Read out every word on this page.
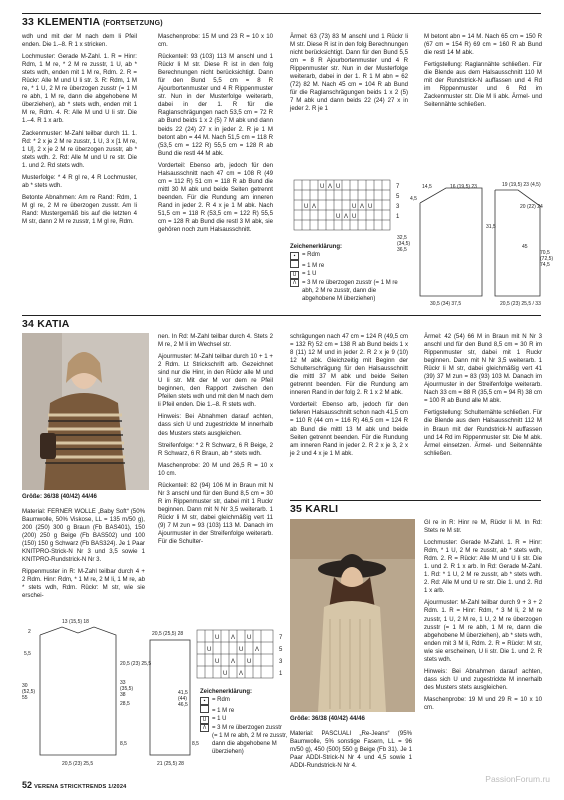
33 KLEMENTIA (FORTSETZUNG)

wdh und mit der M nach dem li Pfeil enden. Die 1.–8. R 1 x stricken.

Lochmuster: Gerade M-Zahl. 1. R = Hinr: Rdm, 1 M re, * 2 M re zusstr, 1 U, ab * stets wdh, enden mit 1 M re, Rdm. 2. R = Rückr: Alle M und U li str. 3. R: Rdm, 1 M re, * 1 U, 2 M re überzogen zusstr (= 1 M re abh, 1 M re, dann die abgehobene M überziehen), ab * stets wdh, enden mit 1 M re, Rdm. 4. R: Alle M und U li str. Die 1.–4. R 1 x arb.

Zackenmuster: M-Zahl teilbar durch 11. 1. Rd: * 2 x je 2 M re zusstr, 1 U, 3 x [1 M re, 1 U], 2 x je 2 M re überzogen zusstr, ab * stets wdh. 2. Rd: Alle M und U re str. Die 1. und 2. Rd stets wdh.

Musterfolge: * 4 R gl re, 4 R Lochmuster, ab * stets wdh.

Betonte Abnahmen: Am re Rand: Rdm, 1 M gl re, 2 M re überzogen zusstr. Am li Rand: Mustergemäß bis auf die letzten 4 M str, dann 2 M re zusstr, 1 M gl re, Rdm.

Maschenprobe: 15 M und 23 R = 10 x 10 cm.

Rückenteil: 93 (103) 113 M anschl und 1 Rückr li M str. Diese R ist in den folg Berechnungen nicht berücksichtigt. Dann für den Bund 5,5 cm = 8 R Ajourbortenmuster und 4 R Rippenmuster str. Nun in der Musterfolge weiterarb, dabei in der 1. R für die Raglanschrägungen nach 53,5 cm = 72 R ab Bund beids 1 x 2 (5) 7 M abk und dann beids 22 (24) 27 x in jeder 2. R je 1 M betont abn = 44 M. Nach 51,5 cm = 118 R (53,5 cm = 122 R) 55,5 cm = 128 R ab Bund die restl 44 M abk.

Vorderteil: Ebenso arb, jedoch für den Halsausschnitt nach 47 cm = 108 R (49 cm = 112 R) 51 cm = 118 R ab Bund die mittl 30 M abk und beide Seiten getrennt beenden. Für die Rundung am inneren Rand in jeder 2. R 4 x je 1 M abk. Nach 51,5 cm = 118 R (53,5 cm = 122 R) 55,5 cm = 128 R ab Bund die restl 3 M abk, sie gehören noch zum Halsausschnitt.

Ärmel: 63 (73) 83 M anschl und 1 Rückr li M str. Diese R ist in den folg Berechnungen nicht berücksichtigt. Dann für den Bund 5,5 cm = 8 R Ajourbortenmuster und 4 R Rippenmuster str. Nun in der Musterfolge weiterarb, dabei in der 1. R 1 M abn = 62 (72) 82 M. Nach 45 cm = 104 R ab Bund für die Raglanschrägungen beids 1 x 2 (5) 7 M abk und dann beids 22 (24) 27 x in jeder 2. R je 1

M betont abn = 14 M. Nach 65 cm = 150 R (67 cm = 154 R) 69 cm = 160 R ab Bund die restl 14 M abk.

Fertigstellung: Raglannähte schließen. Für die Blende aus dem Halsausschnitt 110 M mit der Rundstrick-N auffassen und 4 Rd im Rippenmuster und 6 Rd im Zackenmuster str. Die M li abk. Ärmel- und Seitennähte schließen.

7
5
3
1
U Λ U
U Λ	U Λ U
U Λ U
Zeichenerklärung:
▪ = Rdm
= 1 M re
U = 1 U
Λ = 3 M re überzogen zusstr (= 1 M re abh, 2 M re zusstr, dann die abgehobene M überziehen)
16 (19,5) 23
14,5
31,5
30,5 (34) 37,5
19 (19,5) 23 (4,5)
20 (22) 24
45
20,5 (23) 25,5 / 33
4,5
32,5 (34,5) 36,5	70,5 (72,5) 74,5
34 KATIA
Größe: 36/38 (40/42) 44/46

Material: FERNER WOLLE „Baby Soft“ (50% Baumwolle, 50% Viskose, LL = 135 m/50 g), 200 (250) 300 g Braun (Fb BAS401), 150 (200) 250 g Beige (Fb BAS502) und 100 (150) 150 g Schwarz (Fb BAS324). Je 1 Paar KNITPRO-Strick-N Nr 3 und 3,5 sowie 1 KNITPRO-Rundstrick-N Nr 3.

Rippenmuster in R: M-Zahl teilbar durch 4 + 2 Rdm. Hinr: Rdm, * 1 M re, 2 M li, 1 M re, ab * stets wdh, Rdm. Rückr: M str, wie sie erschei-

nen. In Rd: M-Zahl teilbar durch 4. Stets 2 M re, 2 M li im Wechsel str.

Ajourmuster: M-Zahl teilbar durch 10 + 1 + 2 Rdm. Lt Strickschrift arb. Gezeichnet sind nur die Hinr, in den Rückr alle M und U li str. Mit der M vor dem re Pfeil beginnen, den Rapport zwischen den Pfeilen stets wdh und mit den M nach dem li Pfeil enden. Die 1.–8. R stets wdh.

Hinweis: Bei Abnahmen darauf achten, dass sich U und zugestrickte M innerhalb des Musters stets ausgleichen.

Streifenfolge: * 2 R Schwarz, 6 R Beige, 2 R Schwarz, 6 R Braun, ab * stets wdh.

Maschenprobe: 20 M und 26,5 R = 10 x 10 cm.

Rückenteil: 82 (94) 106 M in Braun mit N Nr 3 anschl und für den Bund 8,5 cm = 30 R im Rippenmuster str, dabei mit 1 Ruckr beginnen. Dann mit N Nr 3,5 weiterarb. 1 Rückr li M str, dabei gleichmäßig vert 11 (9) 7 M zun = 93 (103) 113 M. Danach im Ajourmuster in der Streifenfolge weiterarb. Für die Schulter-

schrägungen nach 47 cm = 124 R (49,5 cm = 132 R) 52 cm = 138 R ab Bund beids 1 x 8 (11) 12 M und in jeder 2. R 2 x je 9 (10) 12 M abk. Gleichzeitig mit Beginn der Schulterschrägung für den Halsausschnitt die mittl 37 M abk und beide Seiten getrennt beenden. Für die Rundung am inneren Rand in der folg 2. R 1 x 2 M abk.

Vorderteil: Ebenso arb, jedoch für den tieferen Halsausschnitt schon nach 41,5 cm = 110 R (44 cm = 116 R) 46,5 cm = 124 R ab Bund die mittl 13 M abk und beide Seiten getrennt beenden. Für die Rundung am inneren Rand in jeder 2. R 2 x je 3, 2 x je 2 und 4 x je 1 M abk.

Ärmel: 42 (54) 66 M in Braun mit N Nr 3 anschl und für den Bund 8,5 cm = 30 R im Rippenmuster str, dabei mit 1 Ruckr beginnen. Dann mit N Nr 3,5 weiterarb. 1 Rückr li M str, dabei gleichmäßig vert 41 (39) 37 M zun = 83 (93) 103 M. Danach im Ajourmuster in der Streifenfolge weiterarb. Nach 33 cm = 88 R (35,5 cm = 94 R) 38 cm = 100 R ab Bund alle M abk.

Fertigstellung: Schulternähte schließen. Für die Blende aus dem Halsausschnitt 112 M in Braun mit der Rundstrick-N auffassen und 14 Rd im Rippenmuster str. Die M abk. Ärmel einsetzen. Ärmel- und Seitennähte schließen.

7
5
3
1
U Λ U
U	U Λ
U Λ U
U Λ
Zeichenerklärung:
▪ = Rdm
= 1 M re
U = 1 U
Λ = 3 M re überzogen zusstr (= 1 M re abh, 2 M re zusstr, dann die abgehobene M überziehen)
2
5,5
13 (15,5) 18
20,5 (23) 25,5
8,5
20,5 (23) 25,5
28,5
20,5 (25,5) 28
21 (25,5) 28
8,5
30 (52,5) 55
33 (35,5) 38	41,5 (44) 46,5
35 KARLI
Größe: 36/38 (40/42) 44/46

Material: PASCUALI „Re-Jeans“ (95% Baumwolle, 5% sonstige Fasern, LL = 96 m/50 g), 450 (500) 550 g Beige (Fb 31). Je 1 Paar ADDI-Strick-N Nr 4 und 4,5 sowie 1 ADDI-Rundstrick-N Nr 4.

Gl re in R: Hinr re M, Rückr li M. In Rd: Stets re M str.

Lochmuster: Gerade M-Zahl. 1. R = Hinr: Rdm, * 1 U, 2 M re zusstr, ab * stets wdh, Rdm. 2. R = Rückr: Alle M und U li str. Die 1. und 2. R 1 x arb. In Rd: Gerade M-Zahl. 1. Rd: * 1 U, 2 M re zusstr, ab * stets wdh. 2. Rd: Alle M und U re str. Die 1. und 2. Rd 1 x arb.

Ajourmuster: M-Zahl teilbar durch 9 + 3 + 2 Rdm. 1. R = Hinr: Rdm, * 3 M li, 2 M re zusstr, 1 U, 2 M re, 1 U, 2 M re überzogen zusstr (= 1 M re abh, 1 M re, dann die abgehobene M überziehen), ab * stets wdh, enden mit 3 M li, Rdm. 2. R = Rückr: M str, wie sie erscheinen, U li str. Die 1. und 2. R stets wdh.

Hinweis: Bei Abnahmen darauf achten, dass sich U und zugestrickte M innerhalb des Musters stets ausgleichen.

Maschenprobe: 19 M und 29 R = 10 x 10 cm.

52 VERENA STRICKTRENDS 1/2024
PassionForum.ru
